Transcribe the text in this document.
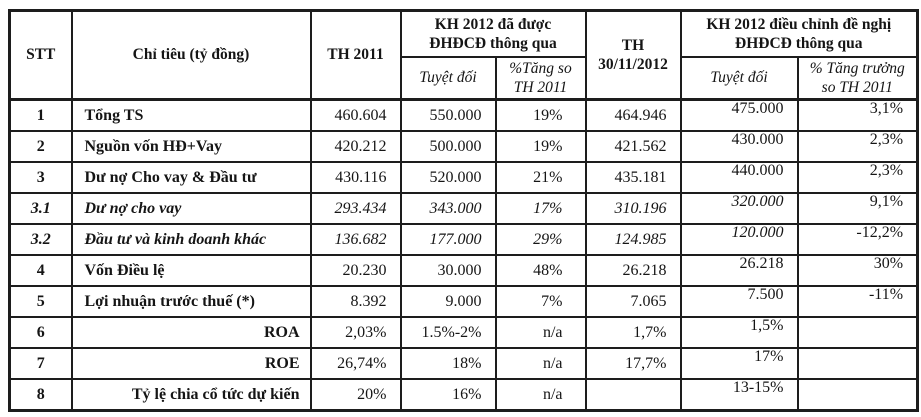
STT	Chỉ tiêu (tỷ đồng)	TH 2011	KH 2012 đã được ĐHĐCĐ thông qua		TH 30/11/2012	KH 2012 điều chỉnh đề nghị ĐHĐCĐ thông qua	
			Tuyệt đối	%Tăng so TH 2011		Tuyệt đối	% Tăng trưởng so TH 2011
1	Tổng TS	460.604	550.000	19%	464.946	475.000	3,1%
2	Nguồn vốn HĐ+Vay	420.212	500.000	19%	421.562	430.000	2,3%
3	Dư nợ Cho vay & Đầu tư	430.116	520.000	21%	435.181	440.000	2,3%
3.1	Dư nợ cho vay	293.434	343.000	17%	310.196	320.000	9,1%
3.2	Đầu tư và kinh doanh khác	136.682	177.000	29%	124.985	120.000	-12,2%
4	Vốn Điều lệ	20.230	30.000	48%	26.218	26.218	30%
5	Lợi nhuận trước thuế (*)	8.392	9.000	7%	7.065	7.500	-11%
6	ROA	2,03%	1.5%-2%	n/a	1,7%	1,5%	
7	ROE	26,74%	18%	n/a	17,7%	17%	
8	Tỷ lệ chia cổ tức dự kiến	20%	16%	n/a		13-15%	
